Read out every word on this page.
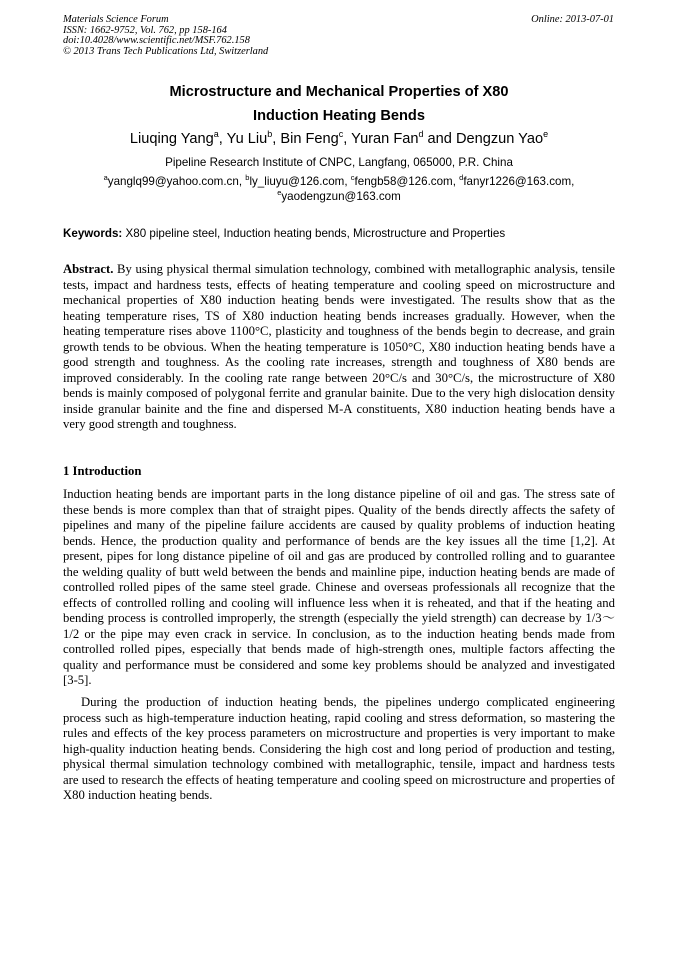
Materials Science Forum
ISSN: 1662-9752, Vol. 762, pp 158-164
doi:10.4028/www.scientific.net/MSF.762.158
© 2013 Trans Tech Publications Ltd, Switzerland
Online: 2013-07-01
Microstructure and Mechanical Properties of X80
Induction Heating Bends
Liuqing Yang$^a$, Yu Liu$^b$, Bin Feng$^c$, Yuran Fan$^d$ and Dengzun Yao$^e$
Pipeline Research Institute of CNPC, Langfang, 065000, P.R. China
$^a$yanglq99@yahoo.com.cn, $^b$ly_liuyu@126.com, $^c$fengb58@126.com, $^d$fanyr1226@163.com,
$^e$yaodengzun@163.com
Keywords: X80 pipeline steel, Induction heating bends, Microstructure and Properties
Abstract. By using physical thermal simulation technology, combined with metallographic analysis, tensile tests, impact and hardness tests, effects of heating temperature and cooling speed on microstructure and mechanical properties of X80 induction heating bends were investigated. The results show that as the heating temperature rises, TS of X80 induction heating bends increases gradually. However, when the heating temperature rises above 1100°C, plasticity and toughness of the bends begin to decrease, and grain growth tends to be obvious. When the heating temperature is 1050°C, X80 induction heating bends have a good strength and toughness. As the cooling rate increases, strength and toughness of X80 bends are improved considerably. In the cooling rate range between 20°C/s and 30°C/s, the microstructure of X80 bends is mainly composed of polygonal ferrite and granular bainite. Due to the very high dislocation density inside granular bainite and the fine and dispersed M-A constituents, X80 induction heating bends have a very good strength and toughness.
1 Introduction
Induction heating bends are important parts in the long distance pipeline of oil and gas. The stress sate of these bends is more complex than that of straight pipes. Quality of the bends directly affects the safety of pipelines and many of the pipeline failure accidents are caused by quality problems of induction heating bends. Hence, the production quality and performance of bends are the key issues all the time [1,2]. At present, pipes for long distance pipeline of oil and gas are produced by controlled rolling and to guarantee the welding quality of butt weld between the bends and mainline pipe, induction heating bends are made of controlled rolled pipes of the same steel grade. Chinese and overseas professionals all recognize that the effects of controlled rolling and cooling will influence less when it is reheated, and that if the heating and bending process is controlled improperly, the strength (especially the yield strength) can decrease by 1/3～1/2 or the pipe may even crack in service. In conclusion, as to the induction heating bends made from controlled rolled pipes, especially that bends made of high-strength ones, multiple factors affecting the quality and performance must be considered and some key problems should be analyzed and investigated [3-5].
During the production of induction heating bends, the pipelines undergo complicated engineering process such as high-temperature induction heating, rapid cooling and stress deformation, so mastering the rules and effects of the key process parameters on microstructure and properties is very important to make high-quality induction heating bends. Considering the high cost and long period of production and testing, physical thermal simulation technology combined with metallographic, tensile, impact and hardness tests are used to research the effects of heating temperature and cooling speed on microstructure and properties of X80 induction heating bends.
